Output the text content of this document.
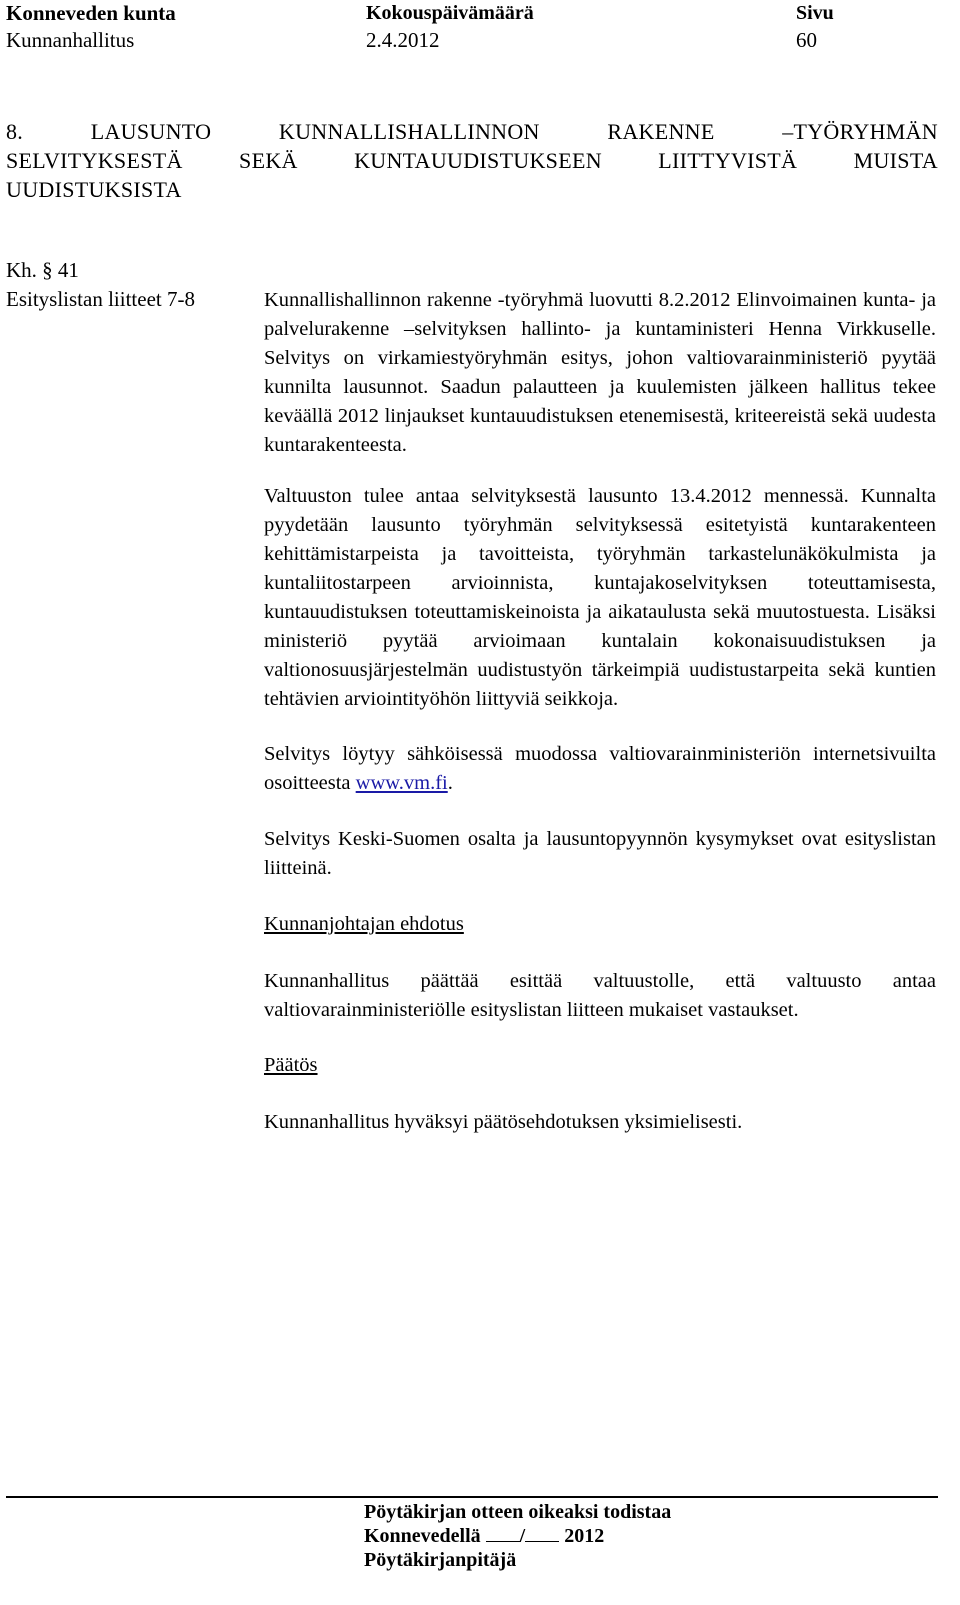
Konneveden kunta
Kunnanhallitus
Kokouspäivämäärä
2.4.2012
Sivu
60
8.  LAUSUNTO  KUNNALLISHALLINNON  RAKENNE  –TYÖRYHMÄN
SELVITYKSESTÄ  SEKÄ  KUNTAUUDISTUKSEEN  LIITTYVISTÄ  MUISTA
UUDISTUKSISTA
Kh. § 41
Esityslistan liitteet 7-8	Kunnallishallinnon rakenne -työryhmä luovutti 8.2.2012 Elinvoimainen kunta- ja palvelurakenne –selvityksen hallinto- ja kuntaministeri Henna Virkkuselle. Selvitys on virkamiestyöryhmän esitys, johon valtiovarainministeriö pyytää kunnilta lausunnot. Saadun palautteen ja kuulemisten jälkeen hallitus tekee keväällä 2012 linjaukset kuntauudistuksen etenemisestä, kriteereistä sekä uudesta kuntarakenteesta.
Valtuuston tulee antaa selvityksestä lausunto 13.4.2012 mennessä. Kunnalta pyydetään lausunto työryhmän selvityksessä esitetyistä kuntarakenteen kehittämistarpeista ja tavoitteista, työryhmän tarkastelunäkökulmista ja kuntaliitostarpeen arvioinnista, kuntajakoselvityksen toteuttamisesta, kuntauudistuksen toteuttamiskeinoista ja aikataulusta sekä muutostuesta. Lisäksi ministeriö pyytää arvioimaan kuntalain kokonaisuudistuksen ja valtionosuusjärjestelmän uudistustyön tärkeimpiä uudistustarpeita sekä kuntien tehtävien arviointityöhön liittyviä seikkoja.
Selvitys löytyy sähköisessä muodossa valtiovarainministeriön internetsivuilta osoitteesta www.vm.fi.
Selvitys Keski-Suomen osalta ja lausuntopyynnön kysymykset ovat esityslistan liitteinä.
Kunnanjohtajan ehdotus
Kunnanhallitus päättää esittää valtuustolle, että valtuusto antaa valtiovarainministeriölle esityslistan liitteen mukaiset vastaukset.
Päätös
Kunnanhallitus hyväksyi päätösehdotuksen yksimielisesti.
Pöytäkirjan otteen oikeaksi todistaa
Konnevedellä / 2012
Pöytäkirjanpitäjä
